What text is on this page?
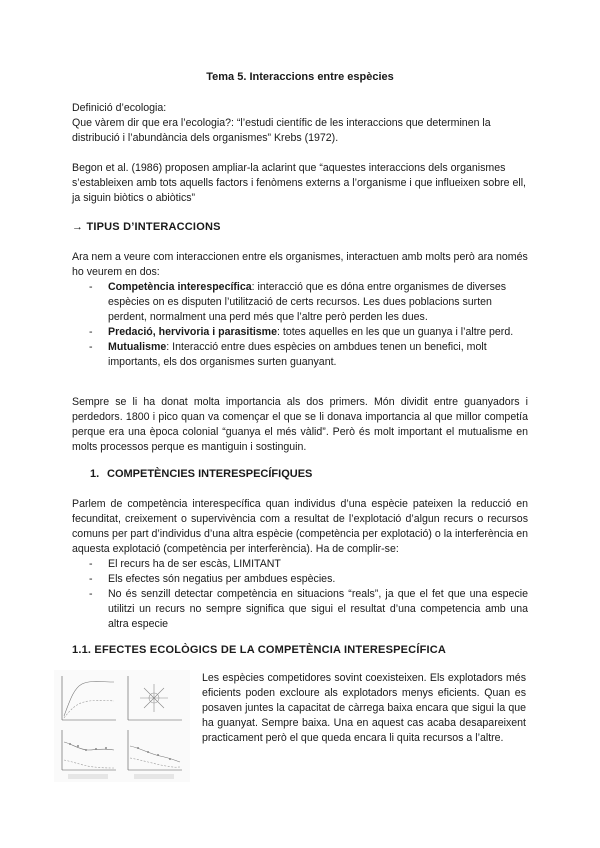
Tema 5. Interaccions entre espècies

Definició d’ecologia:

Que vàrem dir que era l’ecologia?: “l’estudi científic de les interaccions que determinen la distribució i l’abundància dels organismes” Krebs (1972).

Begon et al. (1986) proposen ampliar-la aclarint que “aquestes interaccions dels organismes s’estableixen amb tots aquells factors i fenòmens externs a l’organisme i que influeixen sobre ell, ja siguin biòtics o abiòtics”
→ TIPUS D’INTERACCIONS

Ara nem a veure com interaccionen entre els organismes, interactuen amb molts però ara només ho veurem en dos:

- Competència interespecífica: interacció que es dóna entre organismes de diverses espècies on es disputen l’utilització de certs recursos. Les dues poblacions surten perdent, normalment una perd més que l’altre però perden les dues.
- Predació, hervivoria i parasitisme: totes aquelles en les que un guanya i l’altre perd.
- Mutualisme: Interacció entre dues espècies on ambdues tenen un benefici, molt importants, els dos organismes surten guanyant.
Sempre se li ha donat molta importancia als dos primers. Món dividit entre guanyadors i perdedors. 1800 i pico quan va començar el que se li donava importancia al que millor competía perque era una època colonial “guanya el més vàlid”. Però és molt important el mutualisme en molts processos perque es mantiguin i sostinguin.
1. COMPETÈNCIES INTERESPECÍFIQUES

Parlem de competència interespecífica quan individus d’una espècie pateixen la reducció en fecunditat, creixement o supervivència com a resultat de l’explotació d’algun recurs o recursos comuns per part d’individus d’una altra espècie (competència per explotació) o la interferència en aquesta explotació (competència per interferència). Ha de complir-se:

- El recurs ha de ser escàs, LIMITANT
- Els efectes són negatius per ambdues espècies.
- No és senzill detectar competència en situacions “reals”, ja que el fet que una especie utilitzi un recurs no sempre significa que sigui el resultat d’una competencia amb una altra especie
1.1. EFECTES ECOLÒGICS DE LA COMPETÈNCIA INTERESPECÍFICA
Les espècies competidores sovint coexisteixen. Els explotadors més eficients poden excloure als explotadors menys eficients. Quan es posaven juntes la capacitat de càrrega baixa encara que sigui la que ha guanyat. Sempre baixa. Una en aquest cas acaba desapareixent practicament però el que queda encara li quita recursos a l’altre.
